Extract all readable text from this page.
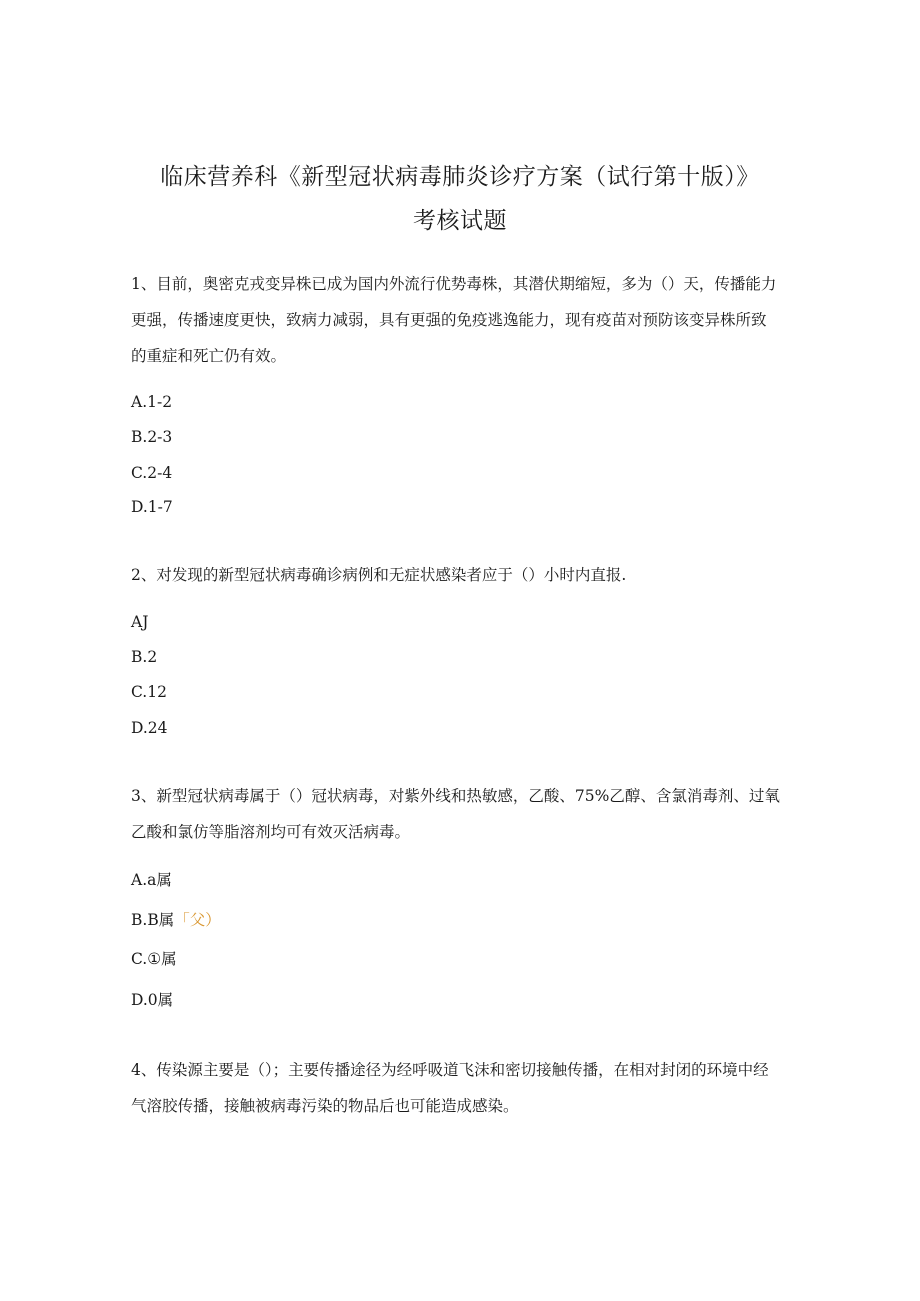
临床营养科《新型冠状病毒肺炎诊疗方案（试行第十版）》
考核试题
1、目前，奥密克戎变异株已成为国内外流行优势毒株，其潜伏期缩短，多为（）天，传播能力更强，传播速度更快，致病力减弱，具有更强的免疫逃逸能力，现有疫苗对预防该变异株所致的重症和死亡仍有效。
A.1-2
B.2-3
C.2-4
D.1-7
2、对发现的新型冠状病毒确诊病例和无症状感染者应于（）小时内直报.
AJ
B.2
C.12
D.24
3、新型冠状病毒属于（）冠状病毒，对紫外线和热敏感，乙酸、75%乙醇、含氯消毒剂、过氧乙酸和氯仿等脂溶剂均可有效灭活病毒。
A.a属
B.B属「父）
C.①属
D.0属
4、传染源主要是（）；主要传播途径为经呼吸道飞沫和密切接触传播，在相对封闭的环境中经气溶胶传播，接触被病毒污染的物品后也可能造成感染。
